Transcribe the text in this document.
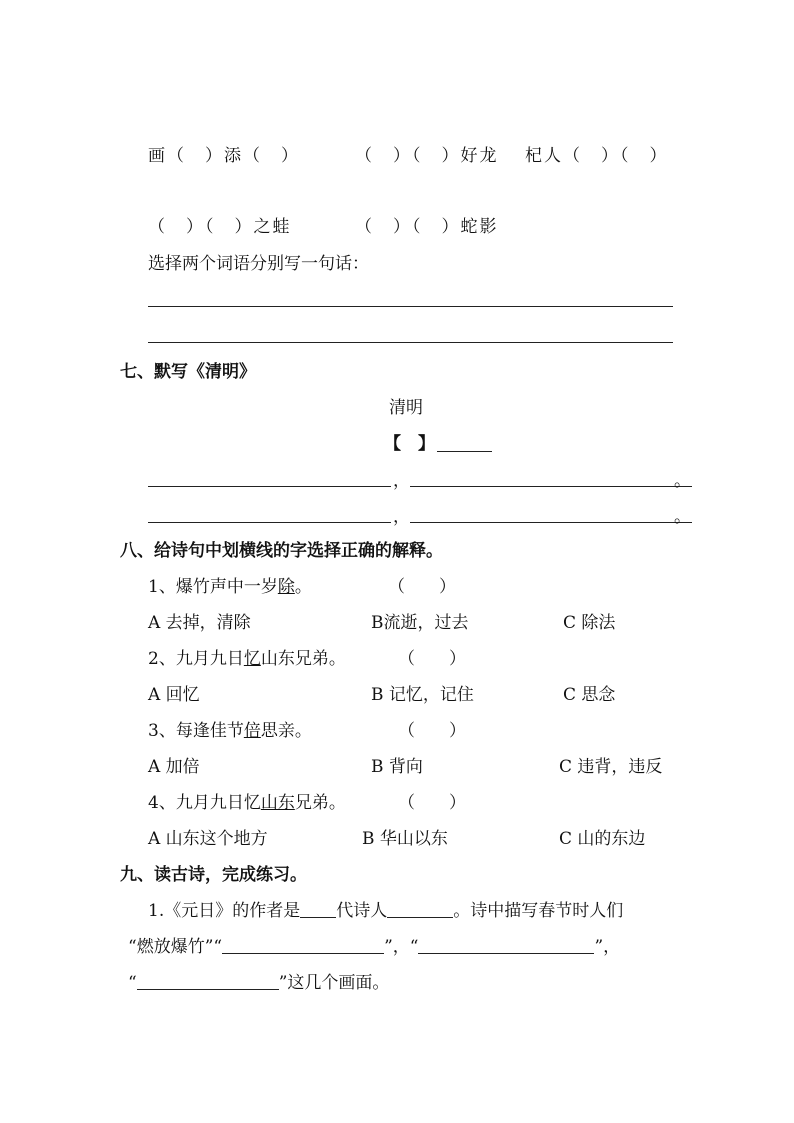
画（　）添（　）	（　）（　）好龙 杞人（　）（　）
（　）（　）之蛙	（　）（　）蛇影
选择两个词语分别写一句话：
七、默写《清明》
清明
【　】
，	。
，	。
八、给诗句中划横线的字选择正确的解释。
1、爆竹声中一岁除。	（　　）
A 去掉，清除	B流逝，过去	C 除法
2、九月九日忆山东兄弟。	（　　）
A 回忆	B 记忆，记住	C 思念
3、每逢佳节倍思亲。	（　　）
A 加倍	B 背向	C 违背，违反
4、九月九日忆山东兄弟。	（　　）
A 山东这个地方	B 华山以东	C 山的东边
九、读古诗，完成练习。
1.《元日》的作者是 代诗人	。诗中描写春节时人们
“燃放爆竹”“	”，“	”，
“	”这几个画面。
